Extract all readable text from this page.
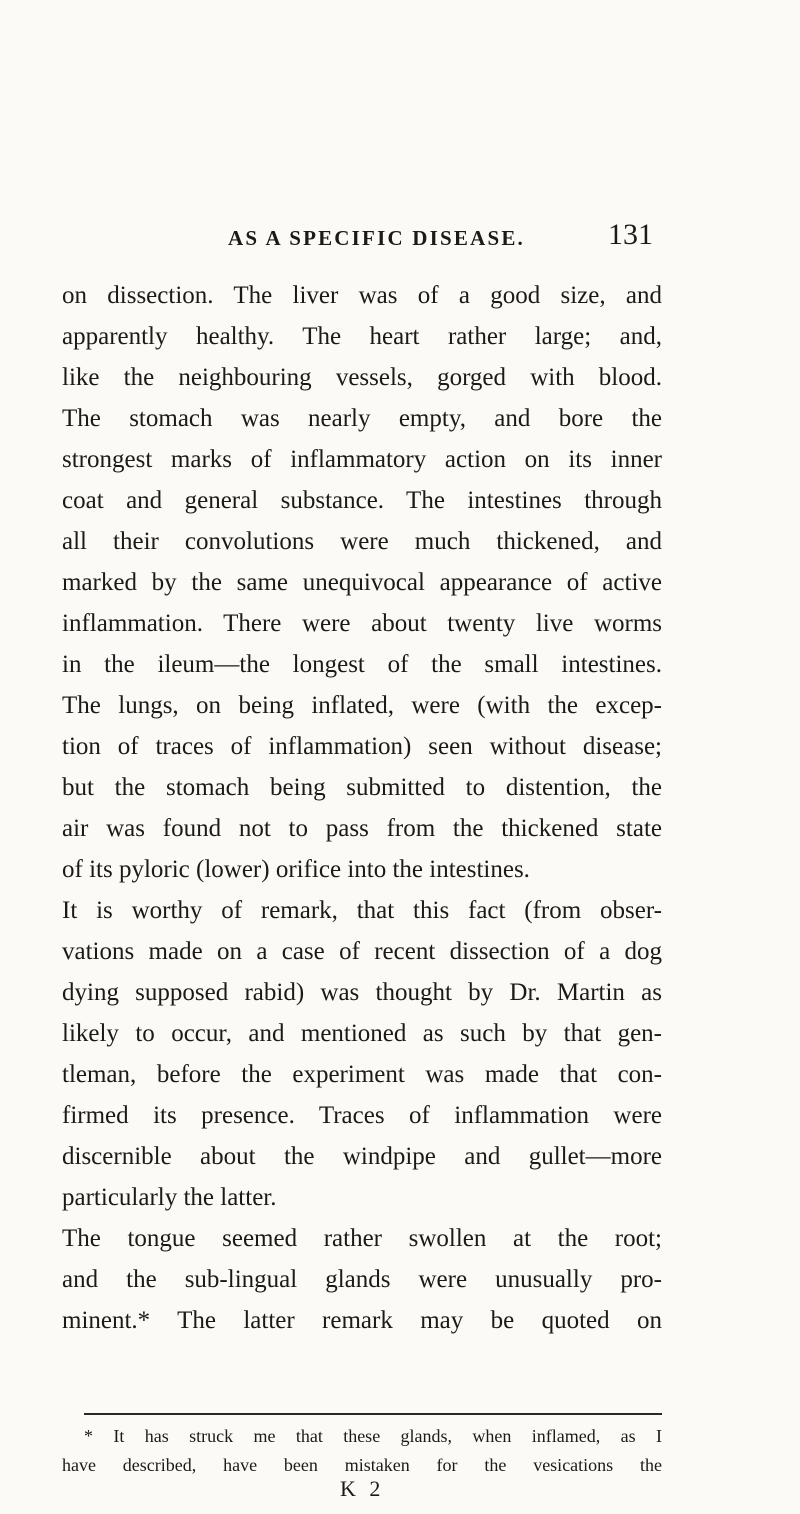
AS A SPECIFIC DISEASE.	131
on dissection. The liver was of a good size, and
apparently healthy. The heart rather large; and,
like the neighbouring vessels, gorged with blood.
The stomach was nearly empty, and bore the
strongest marks of inflammatory action on its inner
coat and general substance. The intestines through
all their convolutions were much thickened, and
marked by the same unequivocal appearance of active
inflammation. There were about twenty live worms
in the ileum—the longest of the small intestines.
The lungs, on being inflated, were (with the excep-
tion of traces of inflammation) seen without disease;
but the stomach being submitted to distention, the
air was found not to pass from the thickened state
of its pyloric (lower) orifice into the intestines.
It is worthy of remark, that this fact (from obser-
vations made on a case of recent dissection of a dog
dying supposed rabid) was thought by Dr. Martin as
likely to occur, and mentioned as such by that gen-
tleman, before the experiment was made that con-
firmed its presence. Traces of inflammation were
discernible about the windpipe and gullet—more
particularly the latter.
The tongue seemed rather swollen at the root;
and the sub-lingual glands were unusually pro-
minent.* The latter remark may be quoted on
* It has struck me that these glands, when inflamed, as I
have described, have been mistaken for the vesications the
K 2
